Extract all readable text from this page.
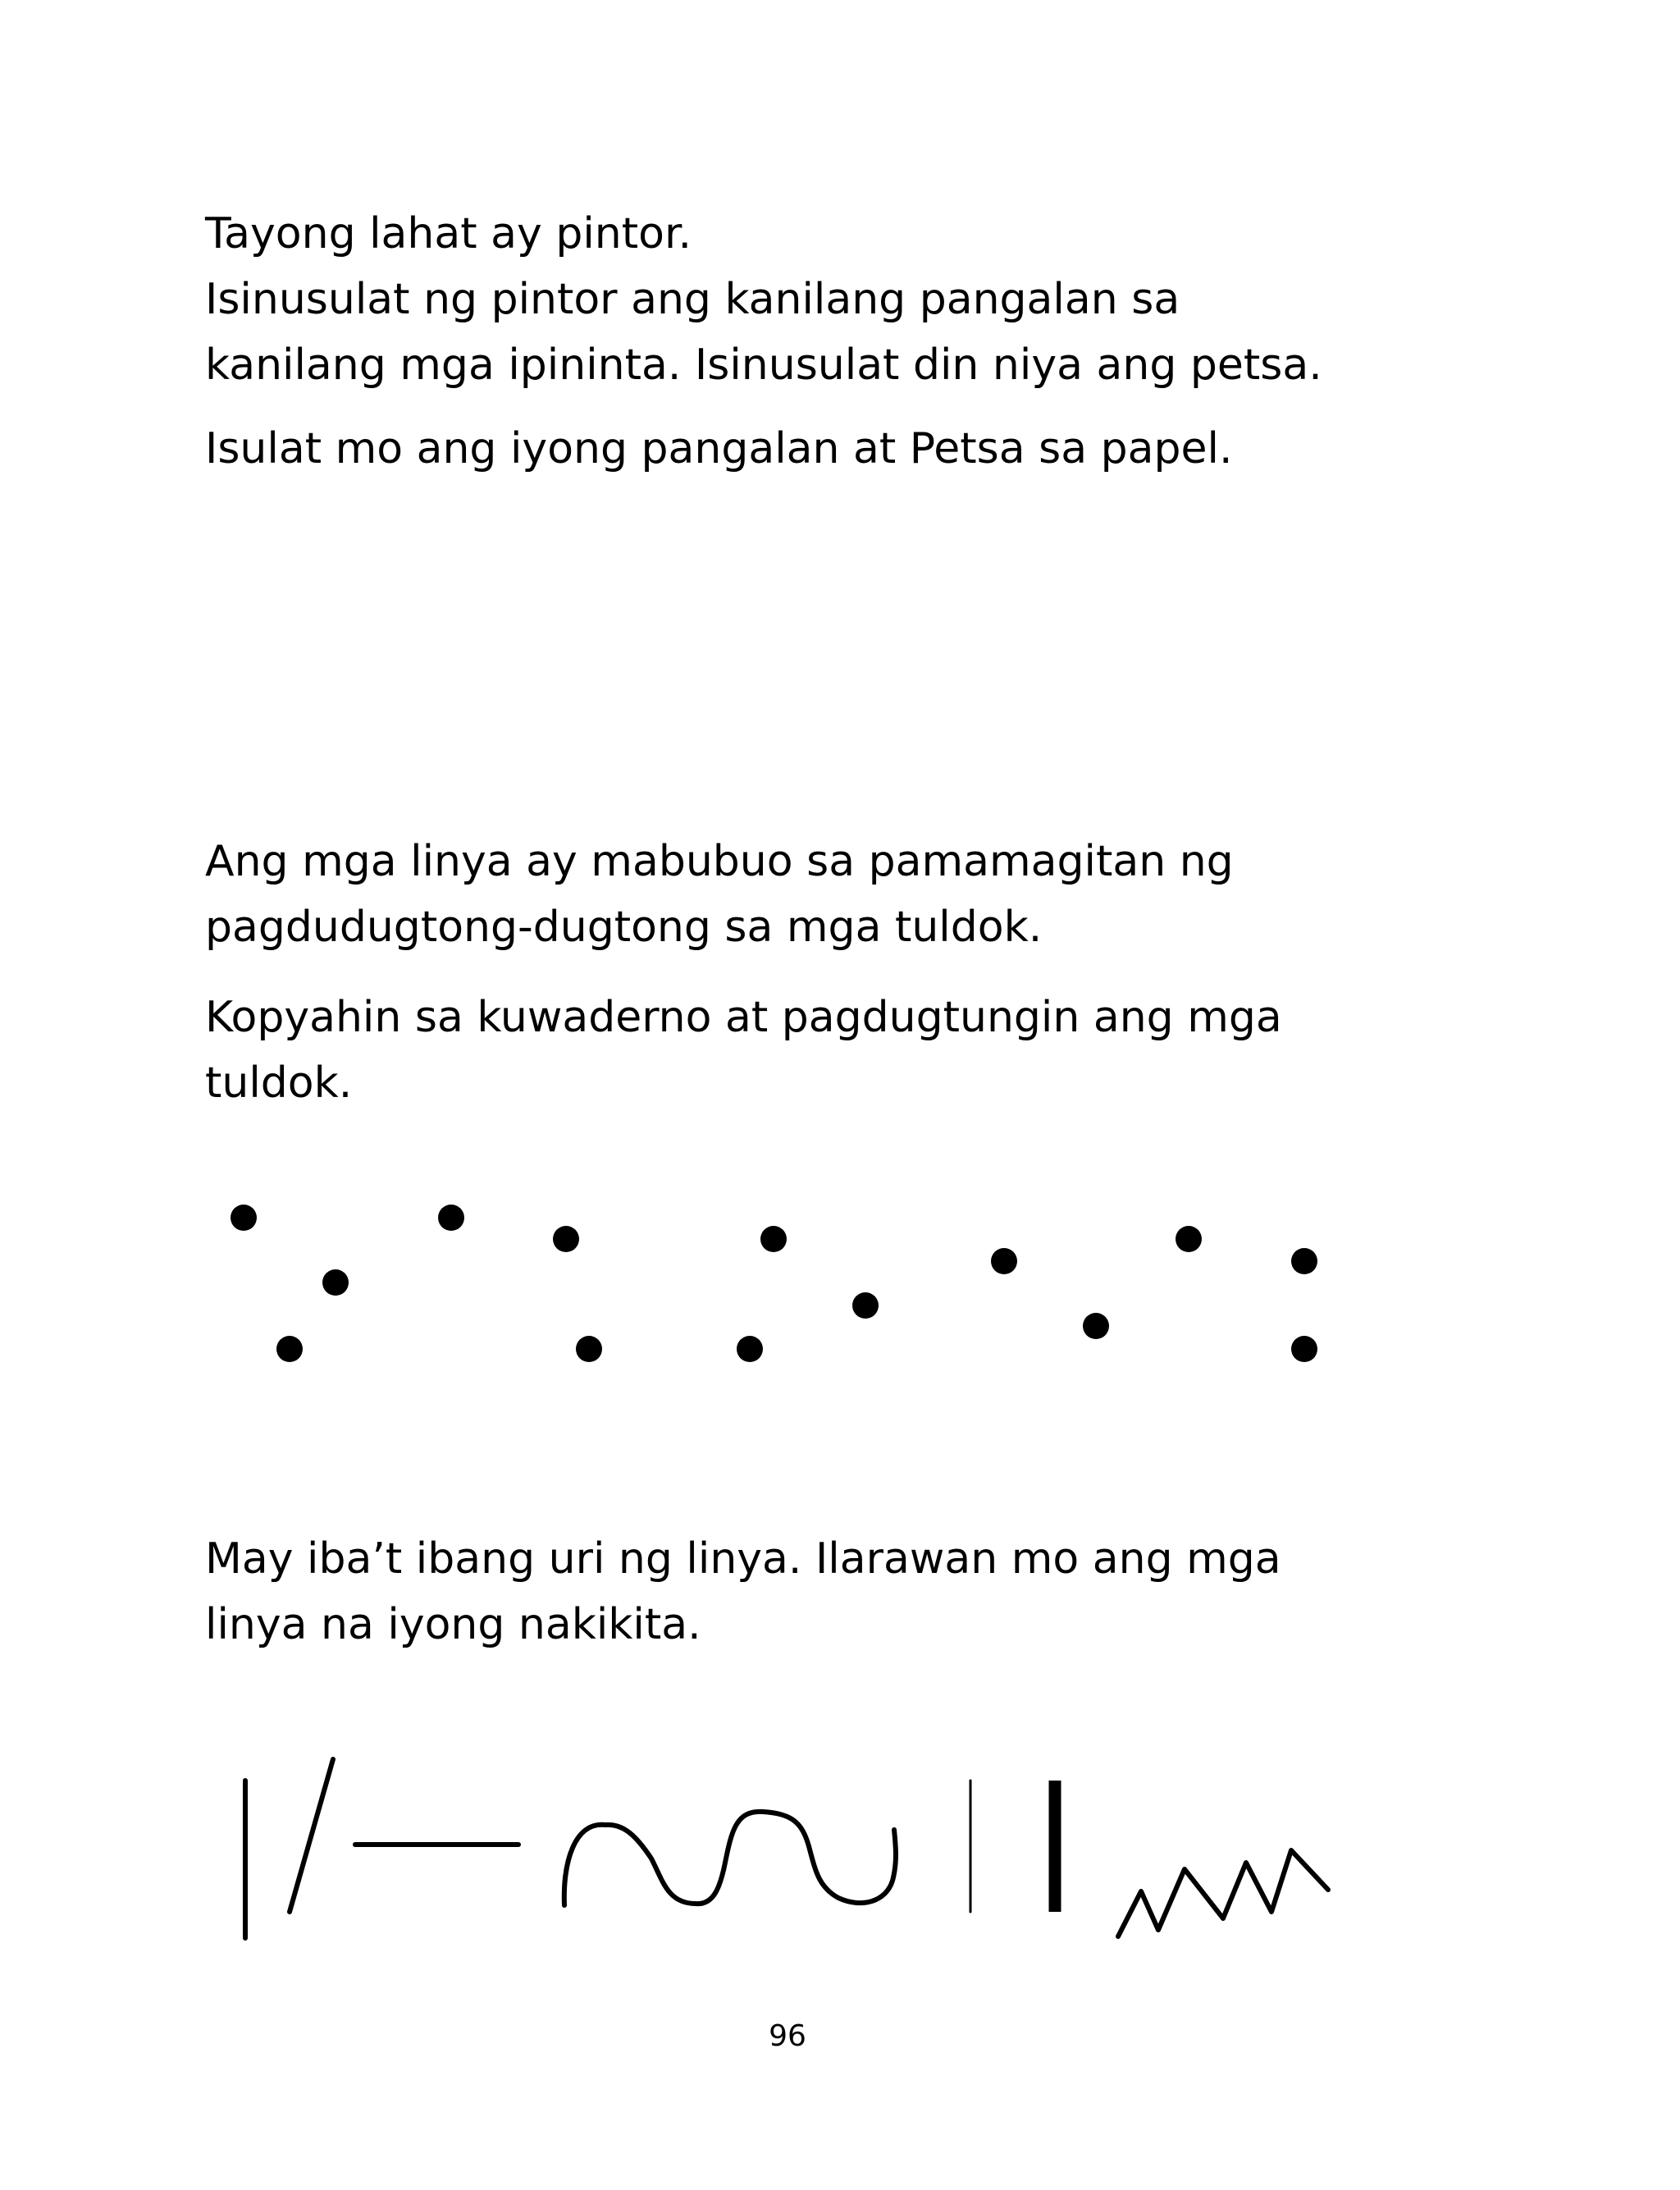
Tayong lahat ay pintor.

Isinusulat ng pintor ang kanilang pangalan sa

kanilang mga ipininta. Isinusulat din niya ang petsa.

Isulat mo ang iyong pangalan at Petsa sa papel.

Ang mga linya ay mabubuo sa pamamagitan ng

pagdudugtong-dugtong sa mga tuldok.

Kopyahin sa kuwaderno at pagdugtungin ang mga

tuldok.

May iba’t ibang uri ng linya. Ilarawan mo ang mga

linya na iyong nakikita.

96
